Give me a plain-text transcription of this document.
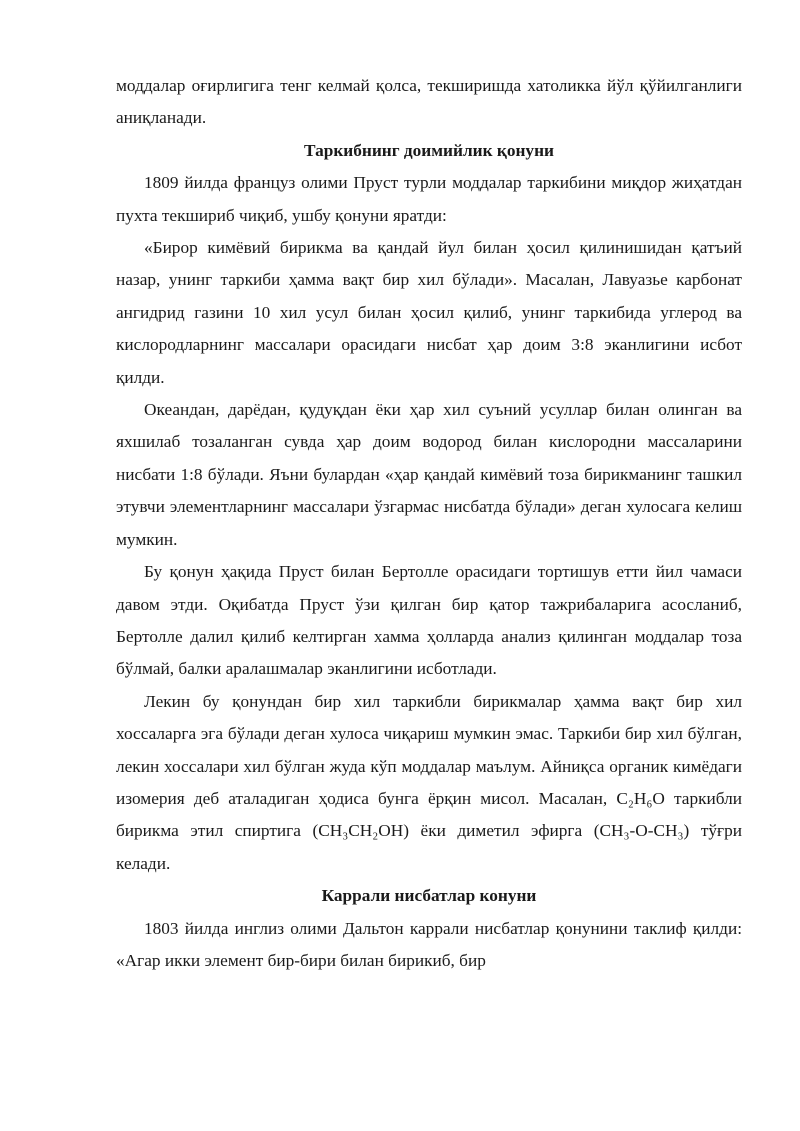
моддалар оғирлигига тенг келмай қолса, текширишда хатоликка йўл қўйилганлиги аниқланади.

Таркибнинг доимийлик қонуни

1809 йилда француз олими Пруст турли моддалар таркибини миқдор жиҳатдан пухта текшириб чиқиб, ушбу қонуни яратди:

«Бирор кимёвий бирикма ва қандай йул билан ҳосил қилинишидан қатъий назар, унинг таркиби ҳамма вақт бир хил бўлади». Масалан, Лавуазье карбонат ангидрид газини 10 хил усул билан ҳосил қилиб, унинг таркибида углерод ва кислородларнинг массалари орасидаги нисбат ҳар доим 3:8 эканлигини исбот қилди.

Океандан, дарёдан, қудуқдан ёки ҳар хил суъний усуллар билан олинган ва яхшилаб тозаланган сувда ҳар доим водород билан кислородни массаларини нисбати 1:8 бўлади. Яъни булардан «ҳар қандай кимёвий тоза бирикманинг ташкил этувчи элементларнинг массалари ўзгармас нисбатда бўлади» деган хулосага келиш мумкин.

Бу қонун ҳақида Пруст билан Бертолле орасидаги тортишув етти йил чамаси давом этди. Оқибатда Пруст ўзи қилган бир қатор тажрибаларига асосланиб, Бертолле далил қилиб келтирган хамма ҳолларда анализ қилинган моддалар тоза бўлмай, балки аралашмалар эканлигини исботлади.

Лекин бу қонундан бир хил таркибли бирикмалар ҳамма вақт бир хил хоссаларга эга бўлади деган хулоса чиқариш мумкин эмас. Таркиби бир хил бўлган, лекин хоссалари хил бўлган жуда кўп моддалар маълум. Айниқса органик кимёдаги изомерия деб аталадиган ҳодиса бунга ёрқин мисол. Масалан, C₂H₆O таркибли бирикма этил спиртига (CH₃CH₂OH) ёки диметил эфирга (CH₃-O-CH₃) тўғри келади.

Каррали нисбатлар конуни

1803 йилда инглиз олими Дальтон каррали нисбатлар қонунини таклиф қилди: «Агар икки элемент бир-бири билан бирикиб, бир
